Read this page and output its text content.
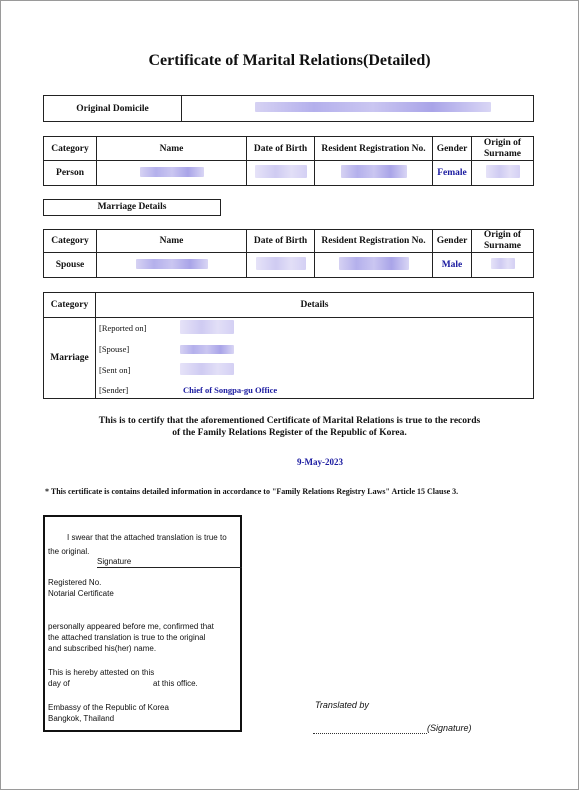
Certificate of Marital Relations(Detailed)
Original Domicile	
Category	Name	Date of Birth	Resident Registration No.	Gender	Origin of Surname
Person				Female	
Marriage Details
Category	Name	Date of Birth	Resident Registration No.	Gender	Origin of Surname
Spouse				Male	
Category	Details
Marriage	[Reported on]
[Spouse]
[Sent on]
[Sender] Chief of Songpa-gu Office
This is to certify that the aforementioned Certificate of Marital Relations is true to the records
of the Family Relations Register of the Republic of Korea.
9-May-2023
* This certificate is contains detailed information in accordance to "Family Relations Registry Laws" Article 15 Clause 3.
I swear that the attached translation is true to
the original.
Signature
Registered No.
Notarial Certificate
personally appeared before me, confirmed that
the attached translation is true to the original
and subscribed his(her) name.
This is hereby attested on this
day of	at this office.
Embassy of the Republic of Korea
Bangkok, Thailand
Translated by
(Signature)
